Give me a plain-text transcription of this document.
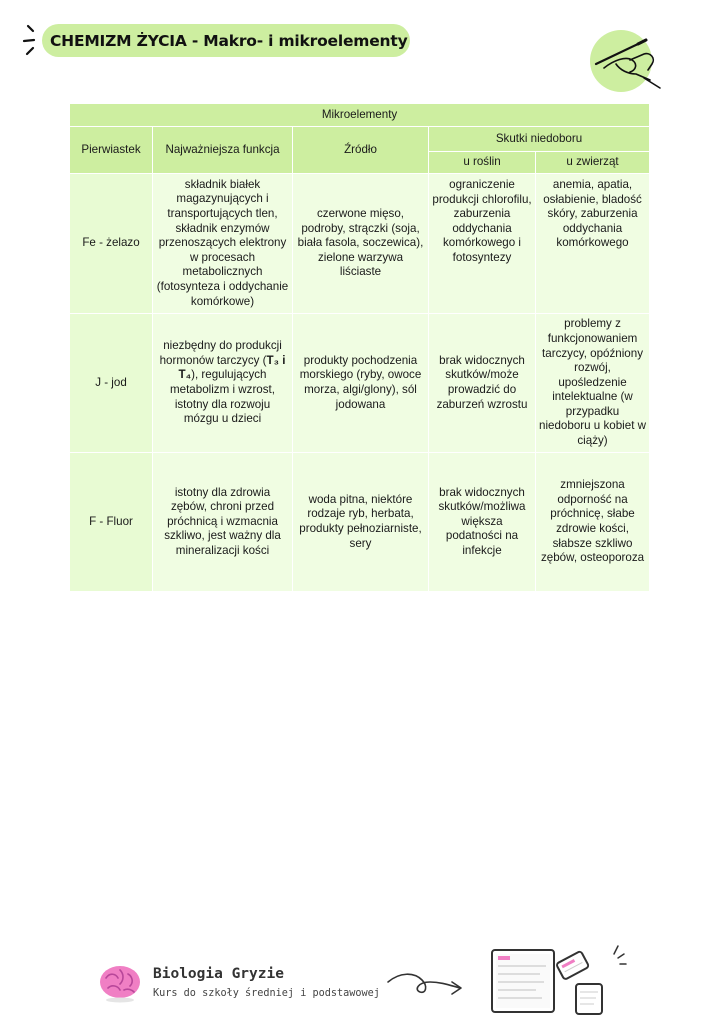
CHEMIZM ŻYCIA - Makro- i mikroelementy
Mikroelementy				
Pierwiastek	Najważniejsza funkcja	Źródło	Skutki niedoboru	
			u roślin	u zwierząt
Fe - żelazo	składnik białek magazynujących i transportujących tlen, składnik enzymów przenoszących elektrony w procesach metabolicznych (fotosynteza i oddychanie komórkowe)	czerwone mięso, podroby, strączki (soja, biała fasola, soczewica), zielone warzywa liściaste	ograniczenie produkcji chlorofilu, zaburzenia oddychania komórkowego i fotosyntezy	anemia, apatia, osłabienie, bladość skóry, zaburzenia oddychania komórkowego
J - jod	niezbędny do produkcji hormonów tarczycy (T₃ i T₄), regulujących metabolizm i wzrost, istotny dla rozwoju mózgu u dzieci	produkty pochodzenia morskiego (ryby, owoce morza, algi/glony), sól jodowana	brak widocznych skutków/może prowadzić do zaburzeń wzrostu	problemy z funkcjonowaniem tarczycy, opóźniony rozwój, upośledzenie intelektualne (w przypadku niedoboru u kobiet w ciąży)
F - Fluor	istotny dla zdrowia zębów, chroni przed próchnicą i wzmacnia szkliwo, jest ważny dla mineralizacji kości	woda pitna, niektóre rodzaje ryb, herbata, produkty pełnoziarniste, sery	brak widocznych skutków/możliwa większa podatności na infekcje	zmniejszona odporność na próchnicę, słabe zdrowie kości, słabsze szkliwo zębów, osteoporoza
Biologia Gryzie
Kurs do szkoły średniej i podstawowej
